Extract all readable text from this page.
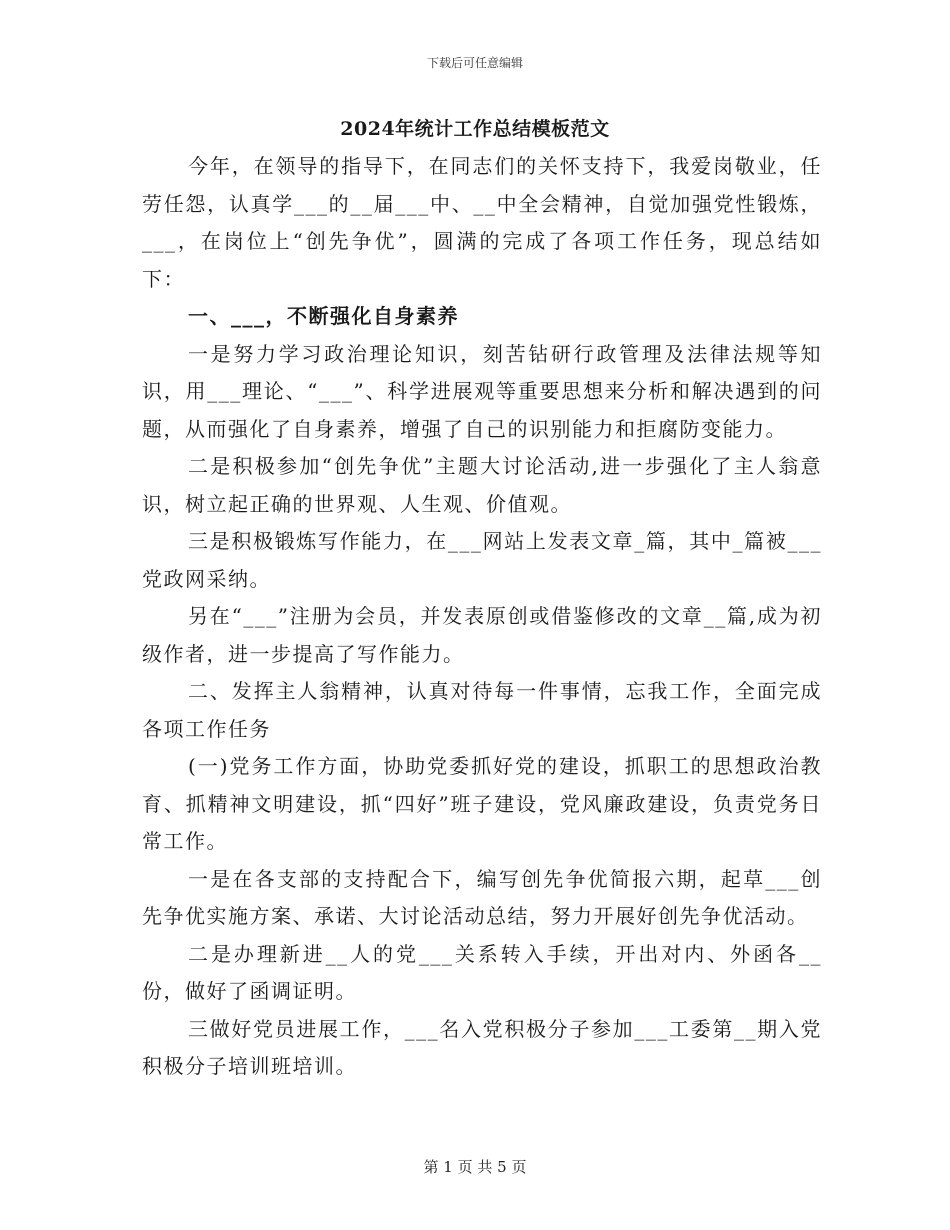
下载后可任意编辑
2024年统计工作总结模板范文

今年，在领导的指导下，在同志们的关怀支持下，我爱岗敬业，任劳任怨，认真学___的__届___中、__中全会精神，自觉加强党性锻炼，___，在岗位上“创先争优”，圆满的完成了各项工作任务，现总结如下：

一、___，不断强化自身素养

一是努力学习政治理论知识，刻苦钻研行政管理及法律法规等知识，用___理论、“___”、科学进展观等重要思想来分析和解决遇到的问题，从而强化了自身素养，增强了自己的识别能力和拒腐防变能力。

二是积极参加“创先争优”主题大讨论活动,进一步强化了主人翁意识，树立起正确的世界观、人生观、价值观。

三是积极锻炼写作能力，在___网站上发表文章_篇，其中_篇被___党政网采纳。

另在“___”注册为会员，并发表原创或借鉴修改的文章__篇,成为初级作者，进一步提高了写作能力。

二、发挥主人翁精神，认真对待每一件事情，忘我工作，全面完成各项工作任务

(一)党务工作方面，协助党委抓好党的建设，抓职工的思想政治教育、抓精神文明建设，抓“四好”班子建设，党风廉政建设，负责党务日常工作。

一是在各支部的支持配合下，编写创先争优简报六期，起草___创先争优实施方案、承诺、大讨论活动总结，努力开展好创先争优活动。

二是办理新进__人的党___关系转入手续，开出对内、外函各__份，做好了函调证明。

三做好党员进展工作，___名入党积极分子参加___工委第__期入党积极分子培训班培训。

第 1 页 共 5 页
